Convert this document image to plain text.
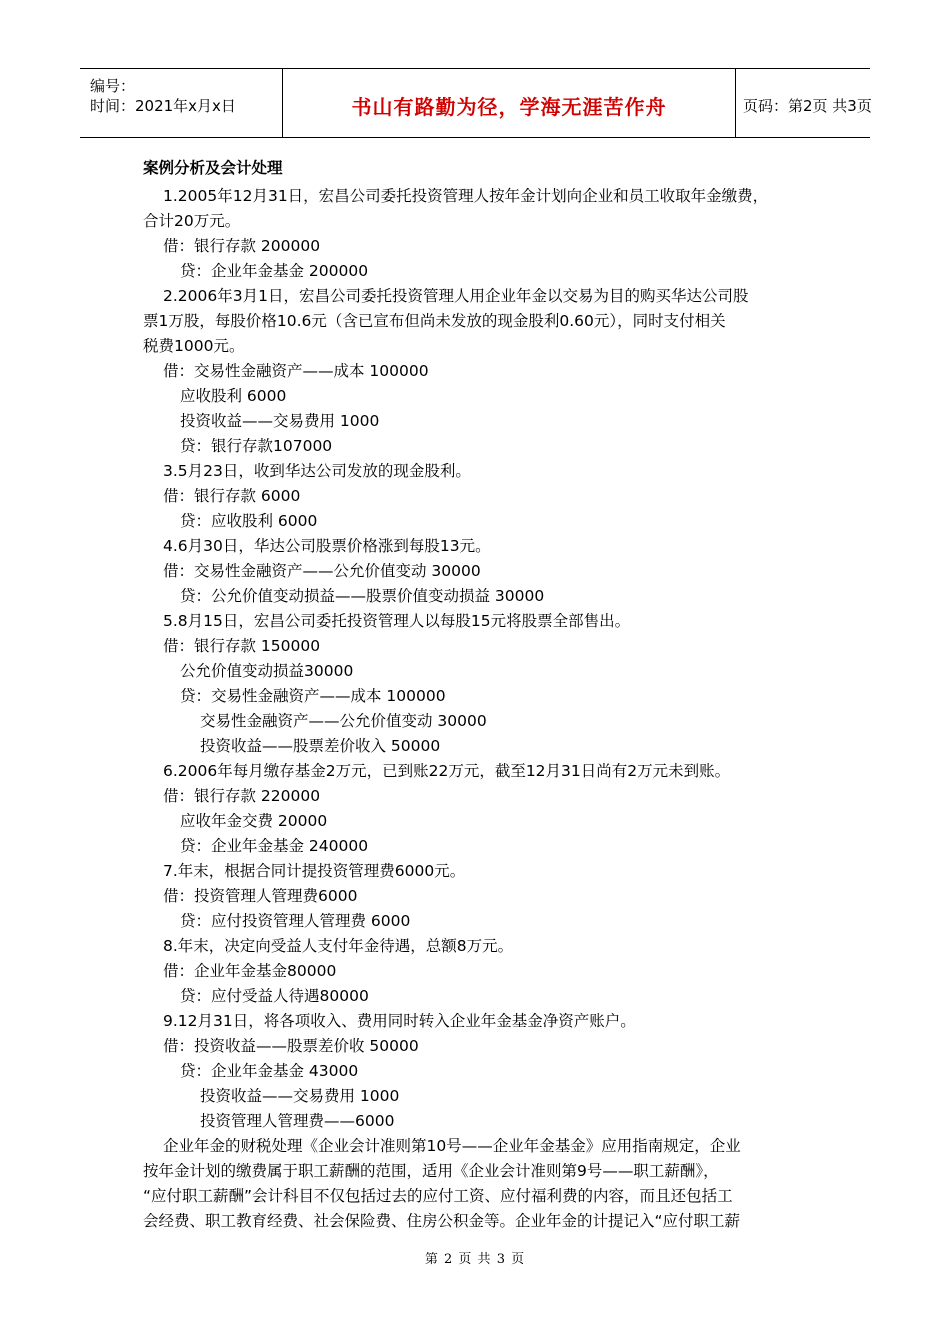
编号：
时间：2021年x月x日	书山有路勤为径，学海无涯苦作舟	页码：第2页 共3页
案例分析及会计处理
1.2005年12月31日，宏昌公司委托投资管理人按年金计划向企业和员工收取年金缴费，
合计20万元。
借：银行存款 200000
贷：企业年金基金 200000
2.2006年3月1日，宏昌公司委托投资管理人用企业年金以交易为目的购买华达公司股
票1万股，每股价格10.6元（含已宣布但尚未发放的现金股利0.60元），同时支付相关
税费1000元。
借：交易性金融资产——成本 100000
应收股利 6000
投资收益——交易费用 1000
贷：银行存款107000
3.5月23日，收到华达公司发放的现金股利。
借：银行存款 6000
贷：应收股利 6000
4.6月30日，华达公司股票价格涨到每股13元。
借：交易性金融资产——公允价值变动 30000
贷：公允价值变动损益——股票价值变动损益 30000
5.8月15日，宏昌公司委托投资管理人以每股15元将股票全部售出。
借：银行存款 150000
公允价值变动损益30000
贷：交易性金融资产——成本 100000
交易性金融资产——公允价值变动 30000
投资收益——股票差价收入 50000
6.2006年每月缴存基金2万元，已到账22万元，截至12月31日尚有2万元未到账。
借：银行存款 220000
应收年金交费 20000
贷：企业年金基金 240000
7.年末，根据合同计提投资管理费6000元。
借：投资管理人管理费6000
贷：应付投资管理人管理费 6000
8.年末，决定向受益人支付年金待遇，总额8万元。
借：企业年金基金80000
贷：应付受益人待遇80000
9.12月31日，将各项收入、费用同时转入企业年金基金净资产账户。
借：投资收益——股票差价收 50000
贷：企业年金基金 43000
投资收益——交易费用 1000
投资管理人管理费——6000
企业年金的财税处理《企业会计准则第10号——企业年金基金》应用指南规定，企业
按年金计划的缴费属于职工薪酬的范围，适用《企业会计准则第9号——职工薪酬》，
“应付职工薪酬”会计科目不仅包括过去的应付工资、应付福利费的内容，而且还包括工
会经费、职工教育经费、社会保险费、住房公积金等。企业年金的计提记入“应付职工薪
第 2 页 共 3 页
